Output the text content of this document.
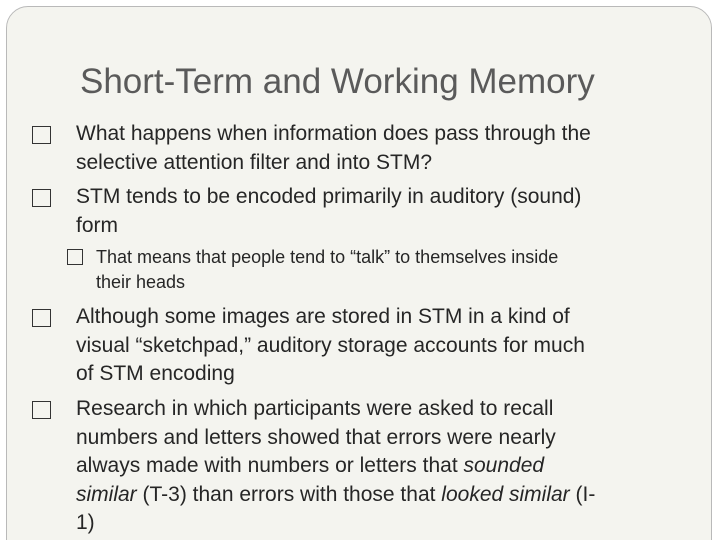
Short-Term and Working Memory
What happens when information does pass through the
selective attention filter and into STM?
STM tends to be encoded primarily in auditory (sound)
form
That means that people tend to “talk” to themselves inside
their heads
Although some images are stored in STM in a kind of
visual “sketchpad,” auditory storage accounts for much
of STM encoding
Research in which participants were asked to recall
numbers and letters showed that errors were nearly
always made with numbers or letters that sounded
similar (T-3) than errors with those that looked similar (I-
1)
